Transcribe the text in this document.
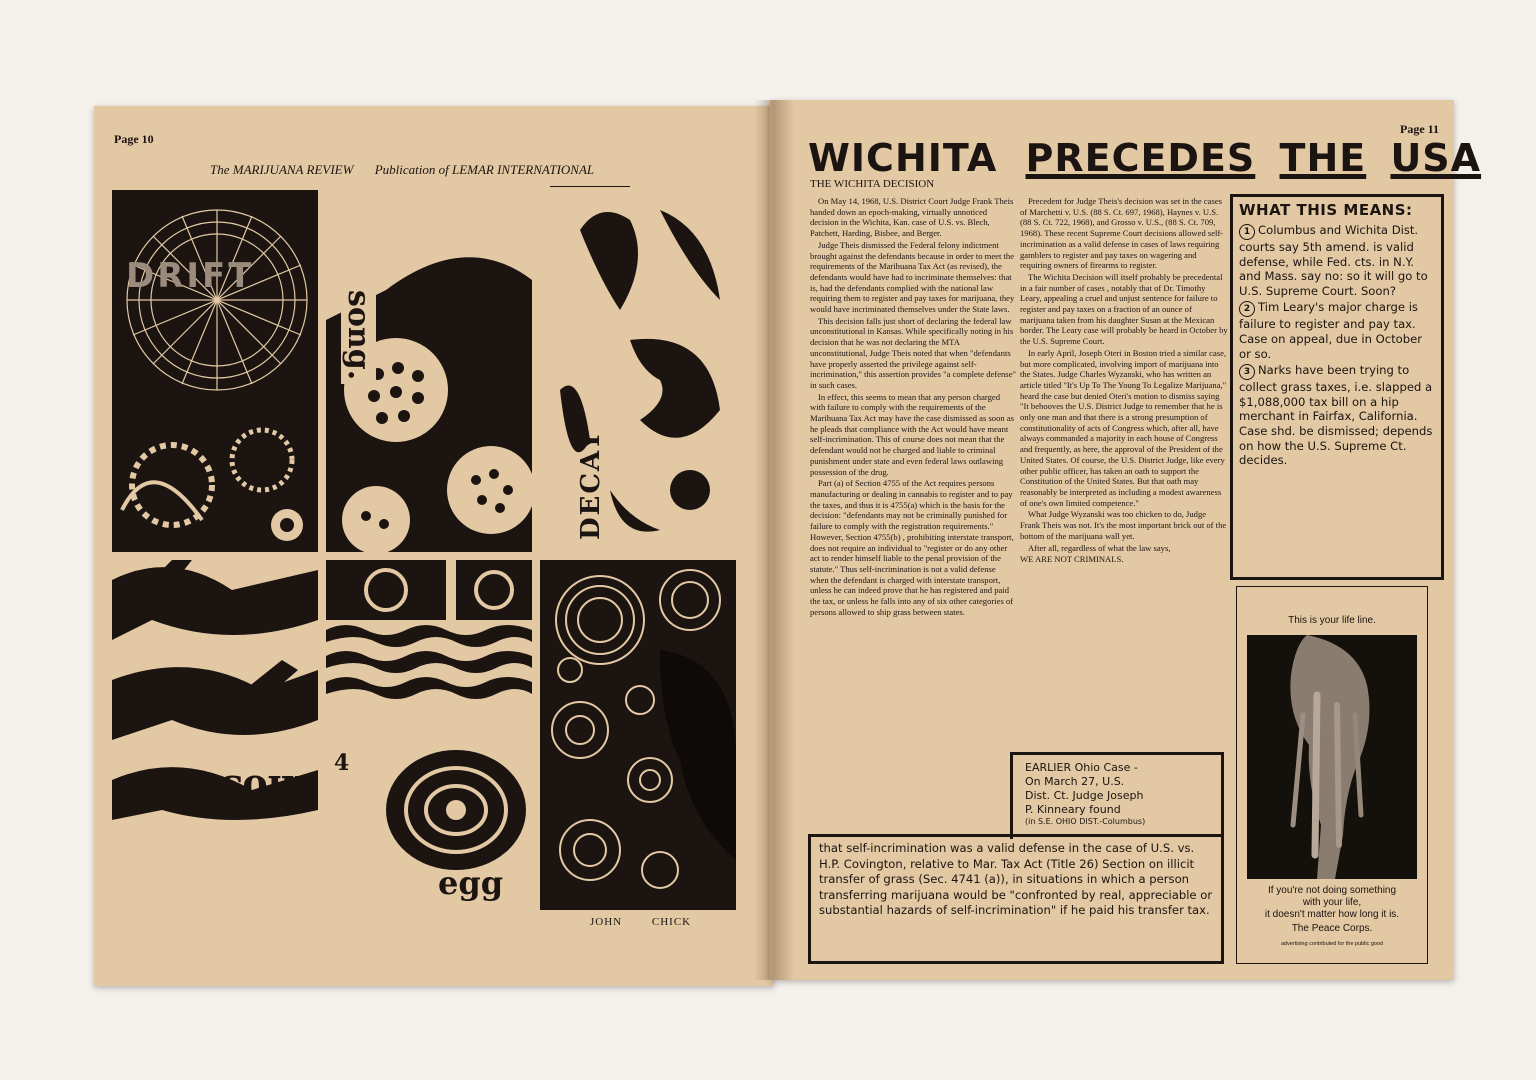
Page 10
The MARIJUANA REVIEW Publication of LEMAR INTERNATIONAL
DRIFT
song.
DECAY
mosaic
4
egg
JOHN	CHICK
Page 11
WICHITA PRECEDES THE USA
THE WICHITA DECISION

On May 14, 1968, U.S. District Court Judge Frank Theis handed down an epoch-making, virtually unnoticed decision in the Wichita, Kan. case of U.S. vs. Blech, Patchett, Harding, Bisbee, and Berger.

Judge Theis dismissed the Federal felony indictment brought against the defendants because in order to meet the requirements of the Marihuana Tax Act (as revised), the defendants would have had to incriminate themselves: that is, had the defendants complied with the national law requiring them to register and pay taxes for marijuana, they would have incriminated themselves under the State laws.

This decision falls just short of declaring the federal law unconstitutional in Kansas. While specifically noting in his decision that he was not declaring the MTA unconstitutional, Judge Theis noted that when "defendants have properly asserted the privilege against self-incrimination," this assertion provides "a complete defense" in such cases.

In effect, this seems to mean that any person charged with failure to comply with the requirements of the Marihuana Tax Act may have the case dismissed as soon as he pleads that compliance with the Act would have meant self-incrimination. This of course does not mean that the defendant would not be charged and liable to criminal punishment under state and even federal laws outlawing possession of the drug.

Part (a) of Section 4755 of the Act requires persons manufacturing or dealing in cannabis to register and to pay the taxes, and thus it is 4755(a) which is the basis for the decision: "defendants may not be criminally punished for failure to comply with the registration requirements." However, Section 4755(b) , prohibiting interstate transport, does not require an individual to "register or do any other act to render himself liable to the penal provision of the statute." Thus self-incrimination is not a valid defense when the defendant is charged with interstate transport, unless he can indeed prove that he has registered and paid the tax, or unless he falls into any of six other categories of persons allowed to ship grass between states.

Precedent for Judge Theis's decision was set in the cases of Marchetti v. U.S. (88 S. Ct. 697, 1968), Haynes v. U.S. (88 S. Ct. 722, 1968), and Grosso v. U.S., (88 S. Ct. 709, 1968). These recent Supreme Court decisions allowed self-incrimination as a valid defense in cases of laws requiring gamblers to register and pay taxes on wagering and requiring owners of firearms to register.

The Wichita Decision will itself probably be precedental in a fair number of cases , notably that of Dr. Timothy Leary, appealing a cruel and unjust sentence for failure to register and pay taxes on a fraction of an ounce of marijuana taken from his daughter Susan at the Mexican border. The Leary case will probably be heard in October by the U.S. Supreme Court.

In early April, Joseph Oteri in Boston tried a similar case, but more complicated, involving import of marijuana into the States. Judge Charles Wyzanski, who has written an article titled "It's Up To The Young To Legalize Marijuana," heard the case but denied Oteri's motion to dismiss saying "It behooves the U.S. District Judge to remember that he is only one man and that there is a strong presumption of constitutionality of acts of Congress which, after all, have always commanded a majority in each house of Congress and frequently, as here, the approval of the President of the United States. Of course, the U.S. District Judge, like every other public officer, has taken an oath to support the Constitution of the United States. But that oath may reasonably be interpreted as including a modest awareness of one's own limited competence."

What Judge Wyzanski was too chicken to do, Judge Frank Theis was not. It's the most important brick out of the bottom of the marijuana wall yet.

After all, regardless of what the law says,

WE ARE NOT CRIMINALS.

WHAT THIS MEANS:
1 Columbus and Wichita Dist. courts say 5th amend. is valid defense, while Fed. cts. in N.Y. and Mass. say no: so it will go to U.S. Supreme Court. Soon?
2 Tim Leary's major charge is failure to register and pay tax. Case on appeal, due in October or so.
3 Narks have been trying to collect grass taxes, i.e. slapped a $1,088,000 tax bill on a hip merchant in Fairfax, California. Case shd. be dismissed; depends on how the U.S. Supreme Ct. decides.
EARLIER Ohio Case -
On March 27, U.S.
Dist. Ct. Judge Joseph
P. Kinneary found
(in S.E. OHIO DIST.-Columbus)
that self-incrimination was a valid defense in the case of U.S. vs. H.P. Covington, relative to Mar. Tax Act (Title 26) Section on illicit transfer of grass (Sec. 4741 (a)), in situations in which a person transferring marijuana would be "confronted by real, appreciable or substantial hazards of self-incrimination" if he paid his transfer tax.
This is your life line.
If you're not doing something
with your life,
it doesn't matter how long it is.
The Peace Corps.
advertising contributed for the public good
